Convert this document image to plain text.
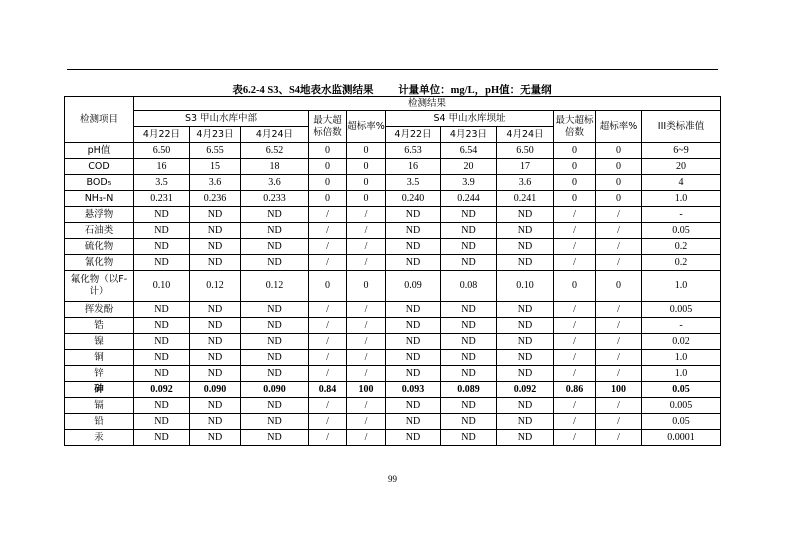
表6.2-4 S3、S4地表水监测结果 计量单位：mg/L，pH值：无量纲
检测项目	检测结果										
	S3 甲山水库中部			最大超标倍数	超标率%	S4 甲山水库坝址			最大超标倍数	超标率%	III类标准值
	4月22日	4月23日	4月24日			4月22日	4月23日	4月24日			
pH值	6.50	6.55	6.52	0	0	6.53	6.54	6.50	0	0	6~9
COD	16	15	18	0	0	16	20	17	0	0	20
BOD₅	3.5	3.6	3.6	0	0	3.5	3.9	3.6	0	0	4
NH₃-N	0.231	0.236	0.233	0	0	0.240	0.244	0.241	0	0	1.0
悬浮物	ND	ND	ND	/	/	ND	ND	ND	/	/	-
石油类	ND	ND	ND	/	/	ND	ND	ND	/	/	0.05
硫化物	ND	ND	ND	/	/	ND	ND	ND	/	/	0.2
氰化物	ND	ND	ND	/	/	ND	ND	ND	/	/	0.2
氟化物（以F-计）	0.10	0.12	0.12	0	0	0.09	0.08	0.10	0	0	1.0
挥发酚	ND	ND	ND	/	/	ND	ND	ND	/	/	0.005
锆	ND	ND	ND	/	/	ND	ND	ND	/	/	-
镍	ND	ND	ND	/	/	ND	ND	ND	/	/	0.02
铜	ND	ND	ND	/	/	ND	ND	ND	/	/	1.0
锌	ND	ND	ND	/	/	ND	ND	ND	/	/	1.0
砷	0.092	0.090	0.090	0.84	100	0.093	0.089	0.092	0.86	100	0.05
镉	ND	ND	ND	/	/	ND	ND	ND	/	/	0.005
铅	ND	ND	ND	/	/	ND	ND	ND	/	/	0.05
汞	ND	ND	ND	/	/	ND	ND	ND	/	/	0.0001
99
